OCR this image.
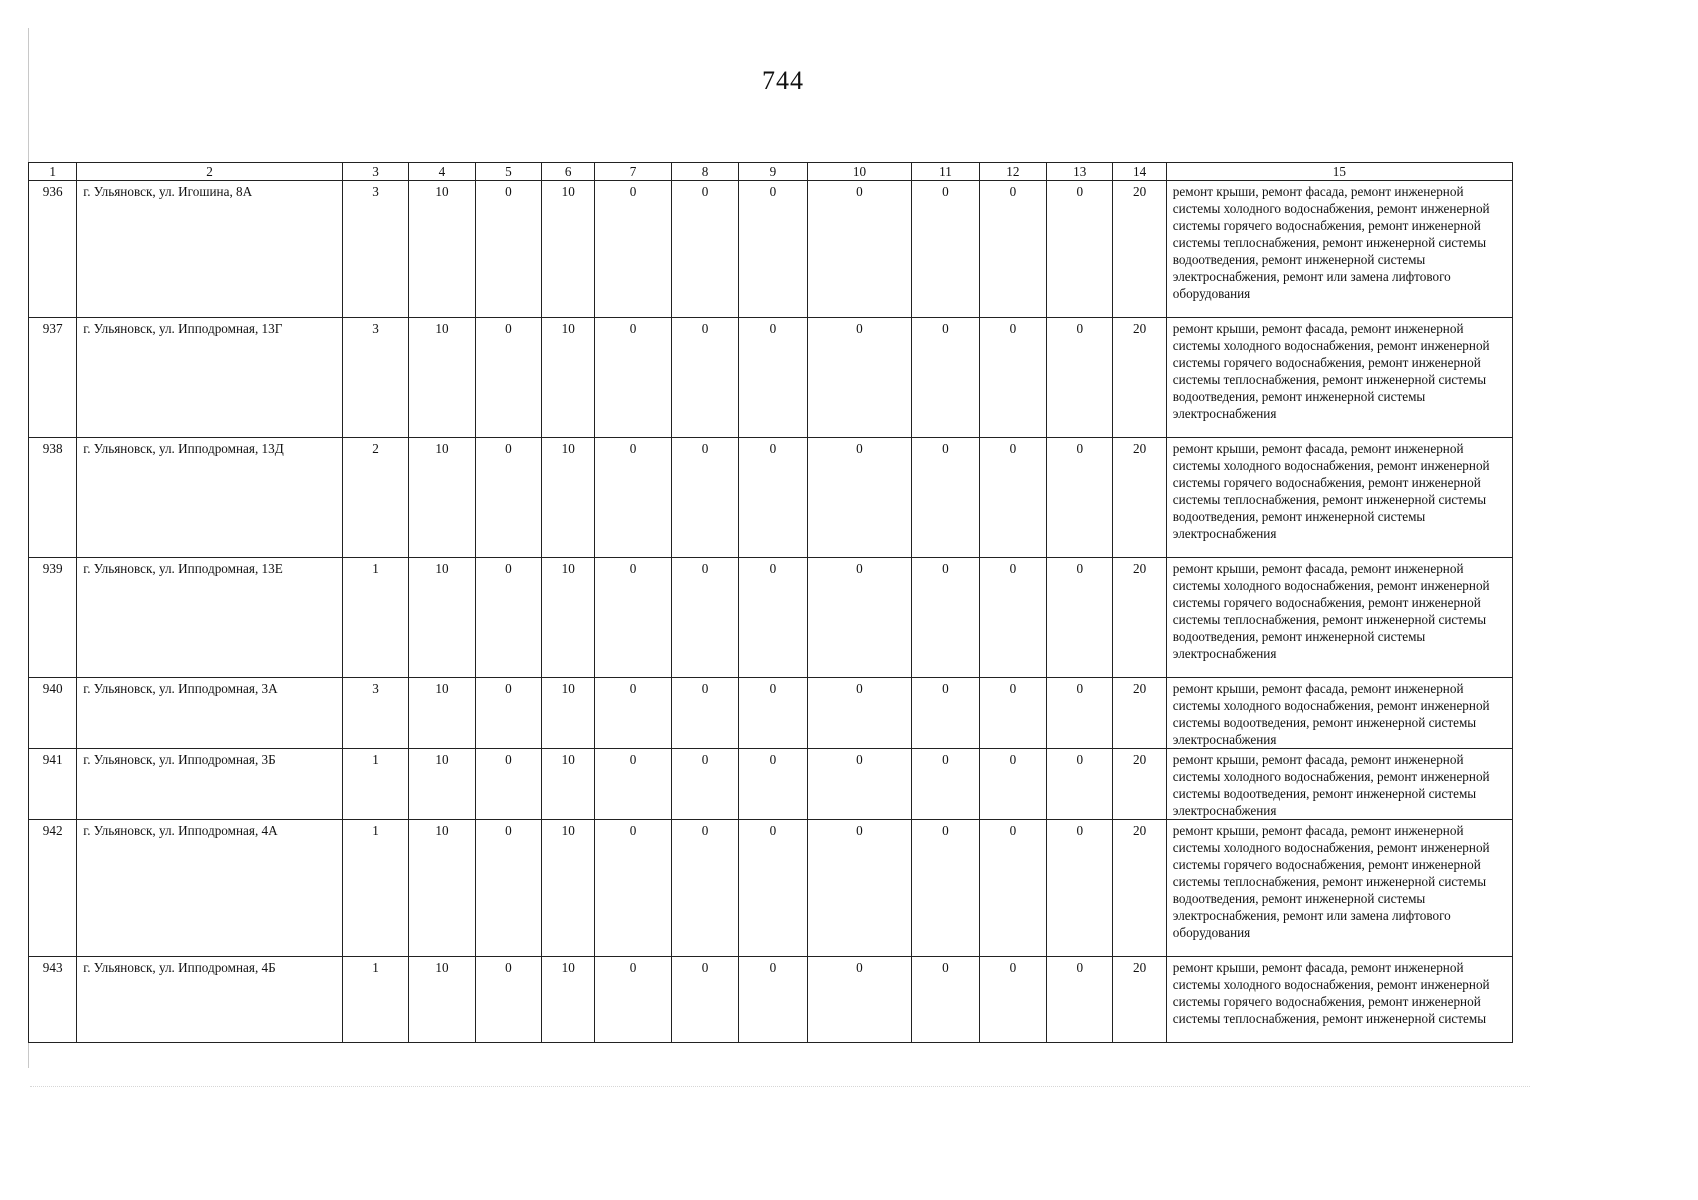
744
1	2	3	4	5	6	7	8	9	10	11	12	13	14	15
936	г. Ульяновск, ул. Игошина, 8А	3	10	0	10	0	0	0	0	0	0	0	20	ремонт крыши, ремонт фасада, ремонт инженерной системы холодного водоснабжения, ремонт инженерной системы горячего водоснабжения, ремонт инженерной системы теплоснабжения, ремонт инженерной системы водоотведения, ремонт инженерной системы электроснабжения, ремонт или замена лифтового оборудования
937	г. Ульяновск, ул. Ипподромная, 13Г	3	10	0	10	0	0	0	0	0	0	0	20	ремонт крыши, ремонт фасада, ремонт инженерной системы холодного водоснабжения, ремонт инженерной системы горячего водоснабжения, ремонт инженерной системы теплоснабжения, ремонт инженерной системы водоотведения, ремонт инженерной системы электроснабжения
938	г. Ульяновск, ул. Ипподромная, 13Д	2	10	0	10	0	0	0	0	0	0	0	20	ремонт крыши, ремонт фасада, ремонт инженерной системы холодного водоснабжения, ремонт инженерной системы горячего водоснабжения, ремонт инженерной системы теплоснабжения, ремонт инженерной системы водоотведения, ремонт инженерной системы электроснабжения
939	г. Ульяновск, ул. Ипподромная, 13Е	1	10	0	10	0	0	0	0	0	0	0	20	ремонт крыши, ремонт фасада, ремонт инженерной системы холодного водоснабжения, ремонт инженерной системы горячего водоснабжения, ремонт инженерной системы теплоснабжения, ремонт инженерной системы водоотведения, ремонт инженерной системы электроснабжения
940	г. Ульяновск, ул. Ипподромная, 3А	3	10	0	10	0	0	0	0	0	0	0	20	ремонт крыши, ремонт фасада, ремонт инженерной системы холодного водоснабжения, ремонт инженерной системы водоотведения, ремонт инженерной системы электроснабжения
941	г. Ульяновск, ул. Ипподромная, 3Б	1	10	0	10	0	0	0	0	0	0	0	20	ремонт крыши, ремонт фасада, ремонт инженерной системы холодного водоснабжения, ремонт инженерной системы водоотведения, ремонт инженерной системы электроснабжения
942	г. Ульяновск, ул. Ипподромная, 4А	1	10	0	10	0	0	0	0	0	0	0	20	ремонт крыши, ремонт фасада, ремонт инженерной системы холодного водоснабжения, ремонт инженерной системы горячего водоснабжения, ремонт инженерной системы теплоснабжения, ремонт инженерной системы водоотведения, ремонт инженерной системы электроснабжения, ремонт или замена лифтового оборудования
943	г. Ульяновск, ул. Ипподромная, 4Б	1	10	0	10	0	0	0	0	0	0	0	20	ремонт крыши, ремонт фасада, ремонт инженерной системы холодного водоснабжения, ремонт инженерной системы горячего водоснабжения, ремонт инженерной системы теплоснабжения, ремонт инженерной системы
